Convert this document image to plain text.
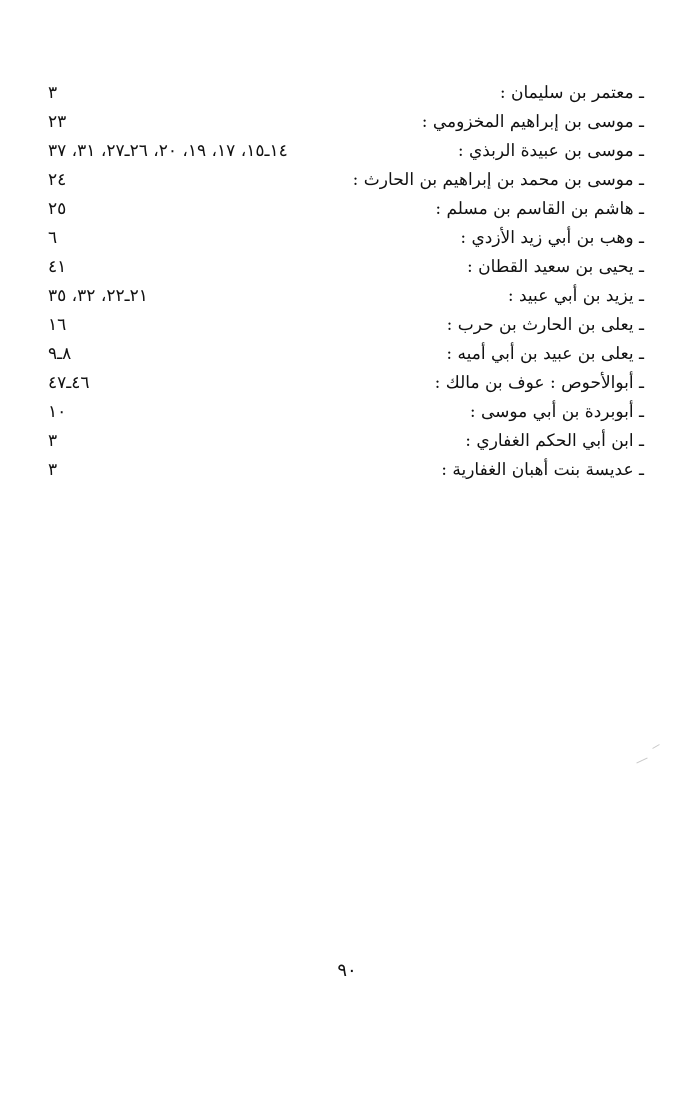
ـ معتمر بن سليمان :
٣
ـ موسى بن إبراهيم المخزومي :
٢٣
ـ موسى بن عبيدة الربذي :
١٤ـ١٥، ١٧، ١٩، ٢٠، ٢٦ـ٢٧، ٣١، ٣٧
ـ موسى بن محمد بن إبراهيم بن الحارث :
٢٤
ـ هاشم بن القاسم بن مسلم :
٢٥
ـ وهب بن أبي زيد الأزدي :
٦
ـ يحيى بن سعيد القطان :
٤١
ـ يزيد بن أبي عبيد :
٢١ـ٢٢، ٣٢، ٣٥
ـ يعلى بن الحارث بن حرب :
١٦
ـ يعلى بن عبيد بن أبي أميه :
٨ـ٩
ـ أبوالأحوص : عوف بن مالك :
٤٦ـ٤٧
ـ أبوبردة بن أبي موسى :
١٠
ـ ابن أبي الحكم الغفاري :
٣
ـ عديسة بنت أهبان الغفارية :
٣
٩٠
